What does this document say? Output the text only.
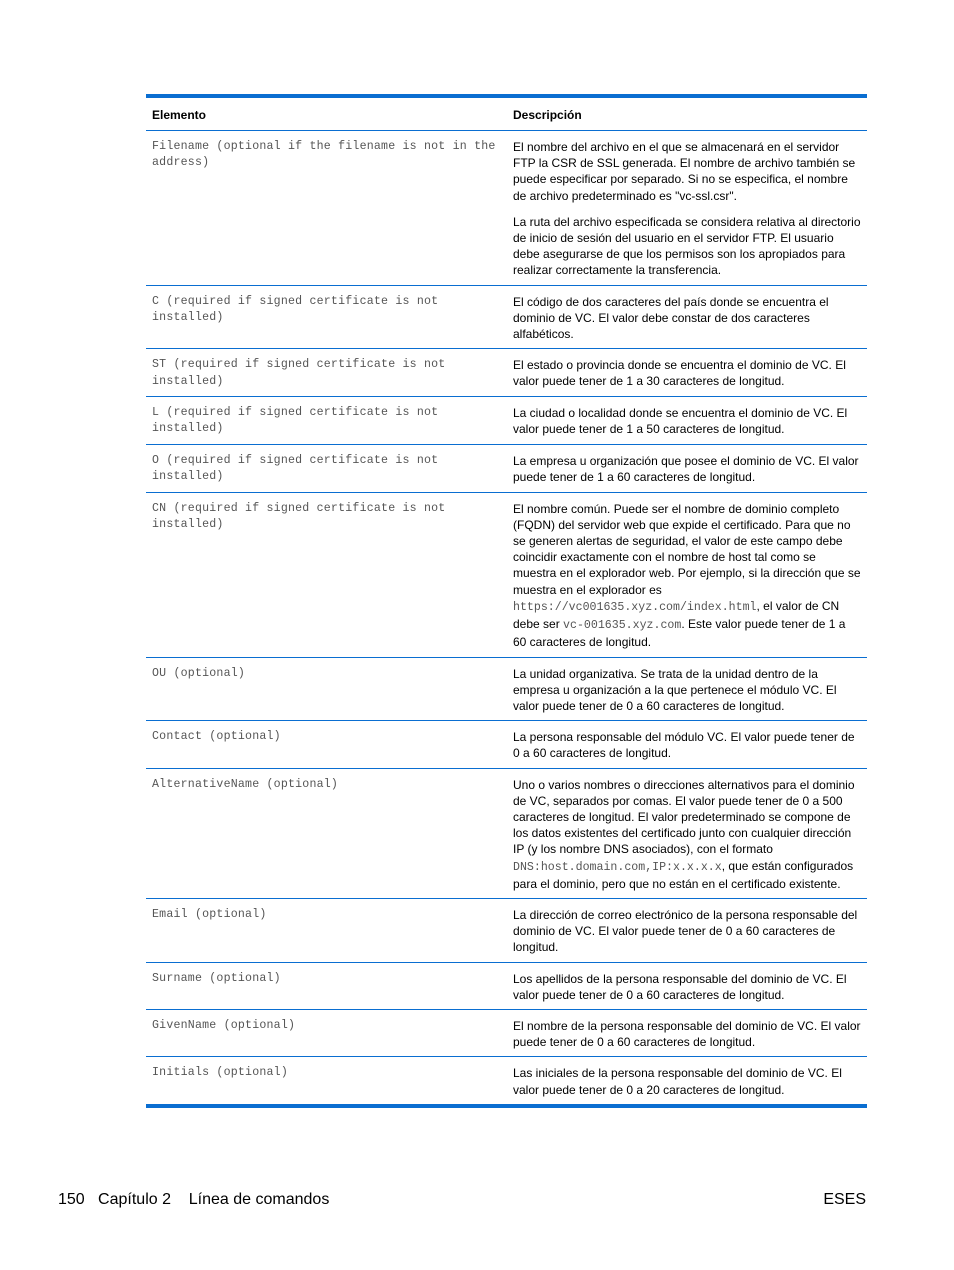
Elemento	Descripción
Filename (optional if the filename is not in the address)	El nombre del archivo en el que se almacenará en el servidor FTP la CSR de SSL generada. El nombre de archivo también se puede especificar por separado. Si no se especifica, el nombre de archivo predeterminado es "vc-ssl.csr".

La ruta del archivo especificada se considera relativa al directorio de inicio de sesión del usuario en el servidor FTP. El usuario debe asegurarse de que los permisos son los apropiados para realizar correctamente la transferencia.

C (required if signed certificate is not installed)	El código de dos caracteres del país donde se encuentra el dominio de VC. El valor debe constar de dos caracteres alfabéticos.

ST (required if signed certificate is not installed)	El estado o provincia donde se encuentra el dominio de VC. El valor puede tener de 1 a 30 caracteres de longitud.

L (required if signed certificate is not installed)	La ciudad o localidad donde se encuentra el dominio de VC. El valor puede tener de 1 a 50 caracteres de longitud.

O (required if signed certificate is not installed)	La empresa u organización que posee el dominio de VC. El valor puede tener de 1 a 60 caracteres de longitud.

CN (required if signed certificate is not installed)	El nombre común. Puede ser el nombre de dominio completo (FQDN) del servidor web que expide el certificado. Para que no se generen alertas de seguridad, el valor de este campo debe coincidir exactamente con el nombre de host tal como se muestra en el explorador web. Por ejemplo, si la dirección que se muestra en el explorador es https://vc001635.xyz.com/index.html, el valor de CN debe ser vc-001635.xyz.com. Este valor puede tener de 1 a 60 caracteres de longitud.

OU (optional)	La unidad organizativa. Se trata de la unidad dentro de la empresa u organización a la que pertenece el módulo VC. El valor puede tener de 0 a 60 caracteres de longitud.

Contact (optional)	La persona responsable del módulo VC. El valor puede tener de 0 a 60 caracteres de longitud.

AlternativeName (optional)	Uno o varios nombres o direcciones alternativos para el dominio de VC, separados por comas. El valor puede tener de 0 a 500 caracteres de longitud. El valor predeterminado se compone de los datos existentes del certificado junto con cualquier dirección IP (y los nombre DNS asociados), con el formato DNS:host.domain.com,IP:x.x.x.x, que están configurados para el dominio, pero que no están en el certificado existente.

Email (optional)	La dirección de correo electrónico de la persona responsable del dominio de VC. El valor puede tener de 0 a 60 caracteres de longitud.

Surname (optional)	Los apellidos de la persona responsable del dominio de VC. El valor puede tener de 0 a 60 caracteres de longitud.

GivenName (optional)	El nombre de la persona responsable del dominio de VC. El valor puede tener de 0 a 60 caracteres de longitud.

Initials (optional)	Las iniciales de la persona responsable del dominio de VC. El valor puede tener de 0 a 20 caracteres de longitud.

150 Capítulo 2 Línea de comandos	ESES
